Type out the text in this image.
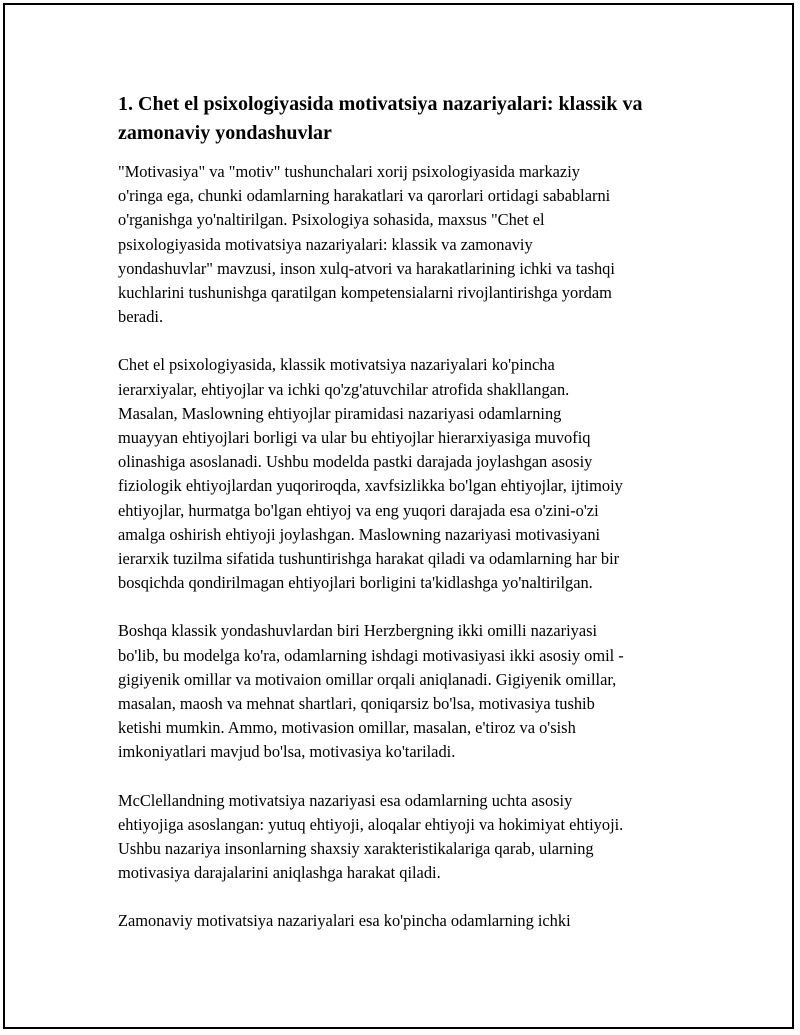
1. Chet el psixologiyasida motivatsiya nazariyalari: klassik va
zamonaviy yondashuvlar

"Motivasiya" va "motiv" tushunchalari xorij psixologiyasida markaziy
o'ringa ega, chunki odamlarning harakatlari va qarorlari ortidagi sabablarni
o'rganishga yo'naltirilgan. Psixologiya sohasida, maxsus "Chet el
psixologiyasida motivatsiya nazariyalari: klassik va zamonaviy
yondashuvlar" mavzusi, inson xulq-atvori va harakatlarining ichki va tashqi
kuchlarini tushunishga qaratilgan kompetensialarni rivojlantirishga yordam
beradi.

Chet el psixologiyasida, klassik motivatsiya nazariyalari ko'pincha
ierarxiyalar, ehtiyojlar va ichki qo'zg'atuvchilar atrofida shakllangan.
Masalan, Maslowning ehtiyojlar piramidasi nazariyasi odamlarning
muayyan ehtiyojlari borligi va ular bu ehtiyojlar hierarxiyasiga muvofiq
olinashiga asoslanadi. Ushbu modelda pastki darajada joylashgan asosiy
fiziologik ehtiyojlardan yuqoriroqda, xavfsizlikka bo'lgan ehtiyojlar, ijtimoiy
ehtiyojlar, hurmatga bo'lgan ehtiyoj va eng yuqori darajada esa o'zini-o'zi
amalga oshirish ehtiyoji joylashgan. Maslowning nazariyasi motivasiyani
ierarxik tuzilma sifatida tushuntirishga harakat qiladi va odamlarning har bir
bosqichda qondirilmagan ehtiyojlari borligini ta'kidlashga yo'naltirilgan.

Boshqa klassik yondashuvlardan biri Herzbergning ikki omilli nazariyasi
bo'lib, bu modelga ko'ra, odamlarning ishdagi motivasiyasi ikki asosiy omil -
gigiyenik omillar va motivaion omillar orqali aniqlanadi. Gigiyenik omillar,
masalan, maosh va mehnat shartlari, qoniqarsiz bo'lsa, motivasiya tushib
ketishi mumkin. Ammo, motivasion omillar, masalan, e'tiroz va o'sish
imkoniyatlari mavjud bo'lsa, motivasiya ko'tariladi.

McClellandning motivatsiya nazariyasi esa odamlarning uchta asosiy
ehtiyojiga asoslangan: yutuq ehtiyoji, aloqalar ehtiyoji va hokimiyat ehtiyoji.
Ushbu nazariya insonlarning shaxsiy xarakteristikalariga qarab, ularning
motivasiya darajalarini aniqlashga harakat qiladi.

Zamonaviy motivatsiya nazariyalari esa ko'pincha odamlarning ichki
